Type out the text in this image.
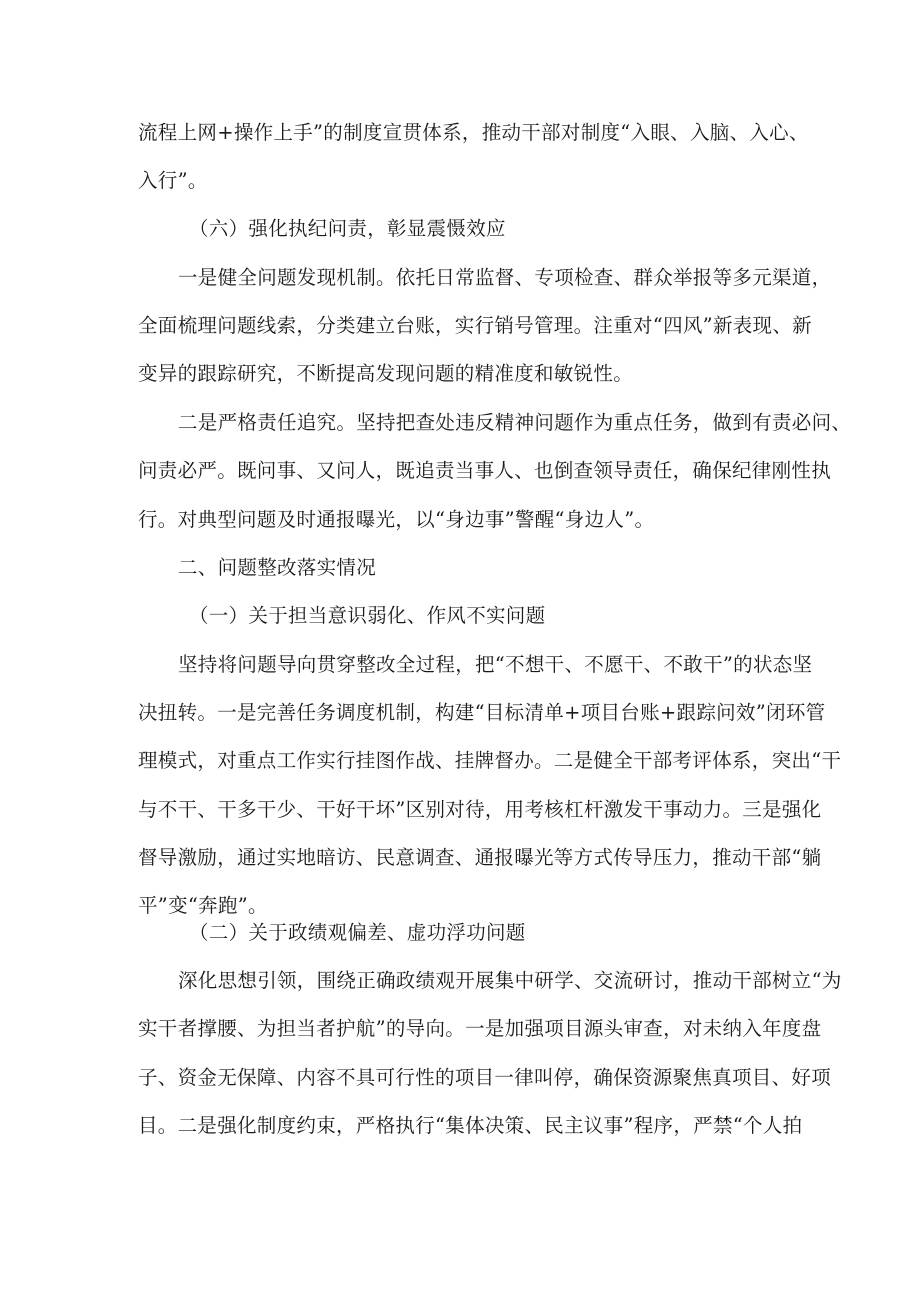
流程上网+操作上手”的制度宣贯体系，推动干部对制度“入眼、入脑、入心、
入行”。
（六）强化执纪问责，彰显震慑效应
一是健全问题发现机制。依托日常监督、专项检查、群众举报等多元渠道，
全面梳理问题线索，分类建立台账，实行销号管理。注重对“四风”新表现、新
变异的跟踪研究，不断提高发现问题的精准度和敏锐性。
二是严格责任追究。坚持把查处违反精神问题作为重点任务，做到有责必问、
问责必严。既问事、又问人，既追责当事人、也倒查领导责任，确保纪律刚性执
行。对典型问题及时通报曝光，以“身边事”警醒“身边人”。
二、问题整改落实情况
（一）关于担当意识弱化、作风不实问题
坚持将问题导向贯穿整改全过程，把“不想干、不愿干、不敢干”的状态坚
决扭转。一是完善任务调度机制，构建“目标清单+项目台账+跟踪问效”闭环管
理模式，对重点工作实行挂图作战、挂牌督办。二是健全干部考评体系，突出“干
与不干、干多干少、干好干坏”区别对待，用考核杠杆激发干事动力。三是强化
督导激励，通过实地暗访、民意调查、通报曝光等方式传导压力，推动干部“躺
平”变“奔跑”。
（二）关于政绩观偏差、虚功浮功问题
深化思想引领，围绕正确政绩观开展集中研学、交流研讨，推动干部树立“为
实干者撑腰、为担当者护航”的导向。一是加强项目源头审查，对未纳入年度盘
子、资金无保障、内容不具可行性的项目一律叫停，确保资源聚焦真项目、好项
目。二是强化制度约束，严格执行“集体决策、民主议事”程序，严禁“个人拍
